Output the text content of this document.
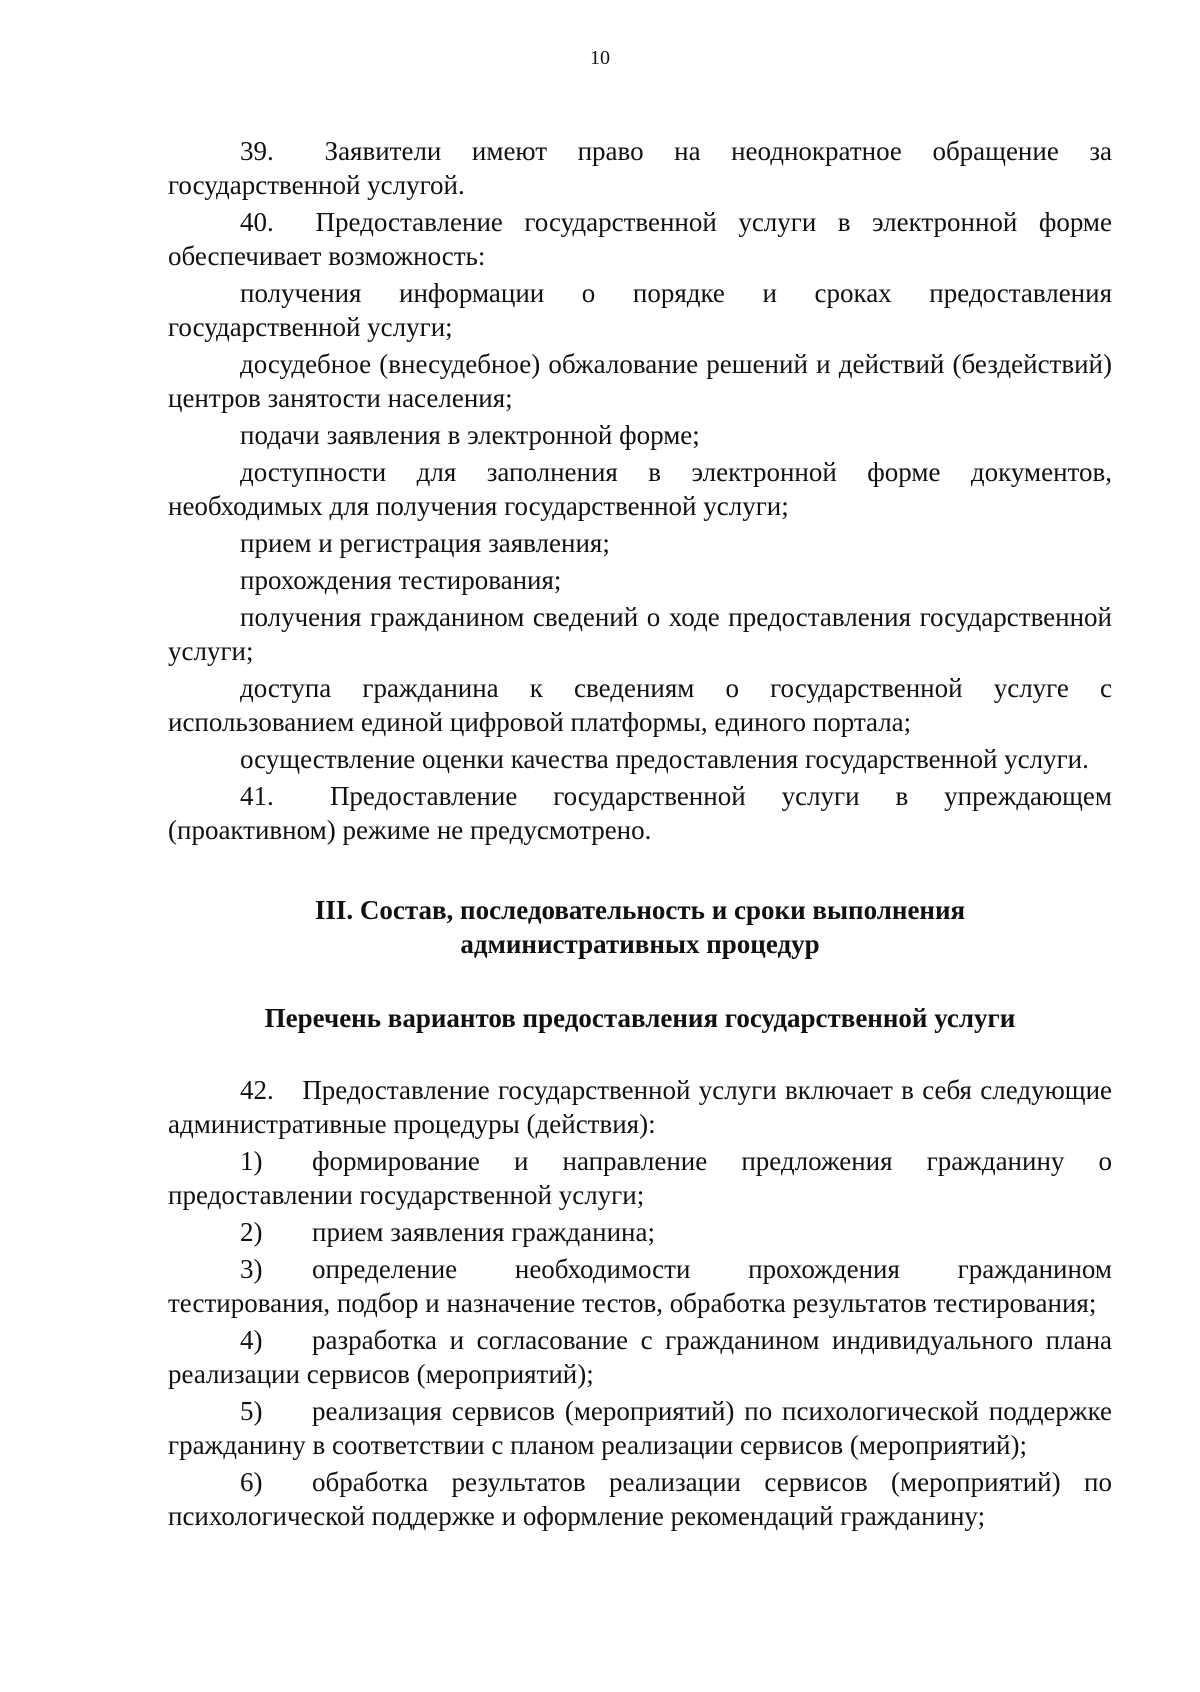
10

39. Заявители имеют право на неоднократное обращение за государственной услугой.

40. Предоставление государственной услуги в электронной форме обеспечивает возможность:

получения информации о порядке и сроках предоставления государственной услуги;

досудебное (внесудебное) обжалование решений и действий (бездействий) центров занятости населения;

подачи заявления в электронной форме;

доступности для заполнения в электронной форме документов, необходимых для получения государственной услуги;

прием и регистрация заявления;

прохождения тестирования;

получения гражданином сведений о ходе предоставления государственной услуги;

доступа гражданина к сведениям о государственной услуге с использованием единой цифровой платформы, единого портала;

осуществление оценки качества предоставления государственной услуги.

41. Предоставление государственной услуги в упреждающем (проактивном) режиме не предусмотрено.

III. Состав, последовательность и сроки выполнения
административных процедур
Перечень вариантов предоставления государственной услуги

42. Предоставление государственной услуги включает в себя следующие административные процедуры (действия):

1) формирование и направление предложения гражданину о предоставлении государственной услуги;

2) прием заявления гражданина;

3) определение необходимости прохождения гражданином тестирования, подбор и назначение тестов, обработка результатов тестирования;

4) разработка и согласование с гражданином индивидуального плана реализации сервисов (мероприятий);

5) реализация сервисов (мероприятий) по психологической поддержке гражданину в соответствии с планом реализации сервисов (мероприятий);

6) обработка результатов реализации сервисов (мероприятий) по психологической поддержке и оформление рекомендаций гражданину;
